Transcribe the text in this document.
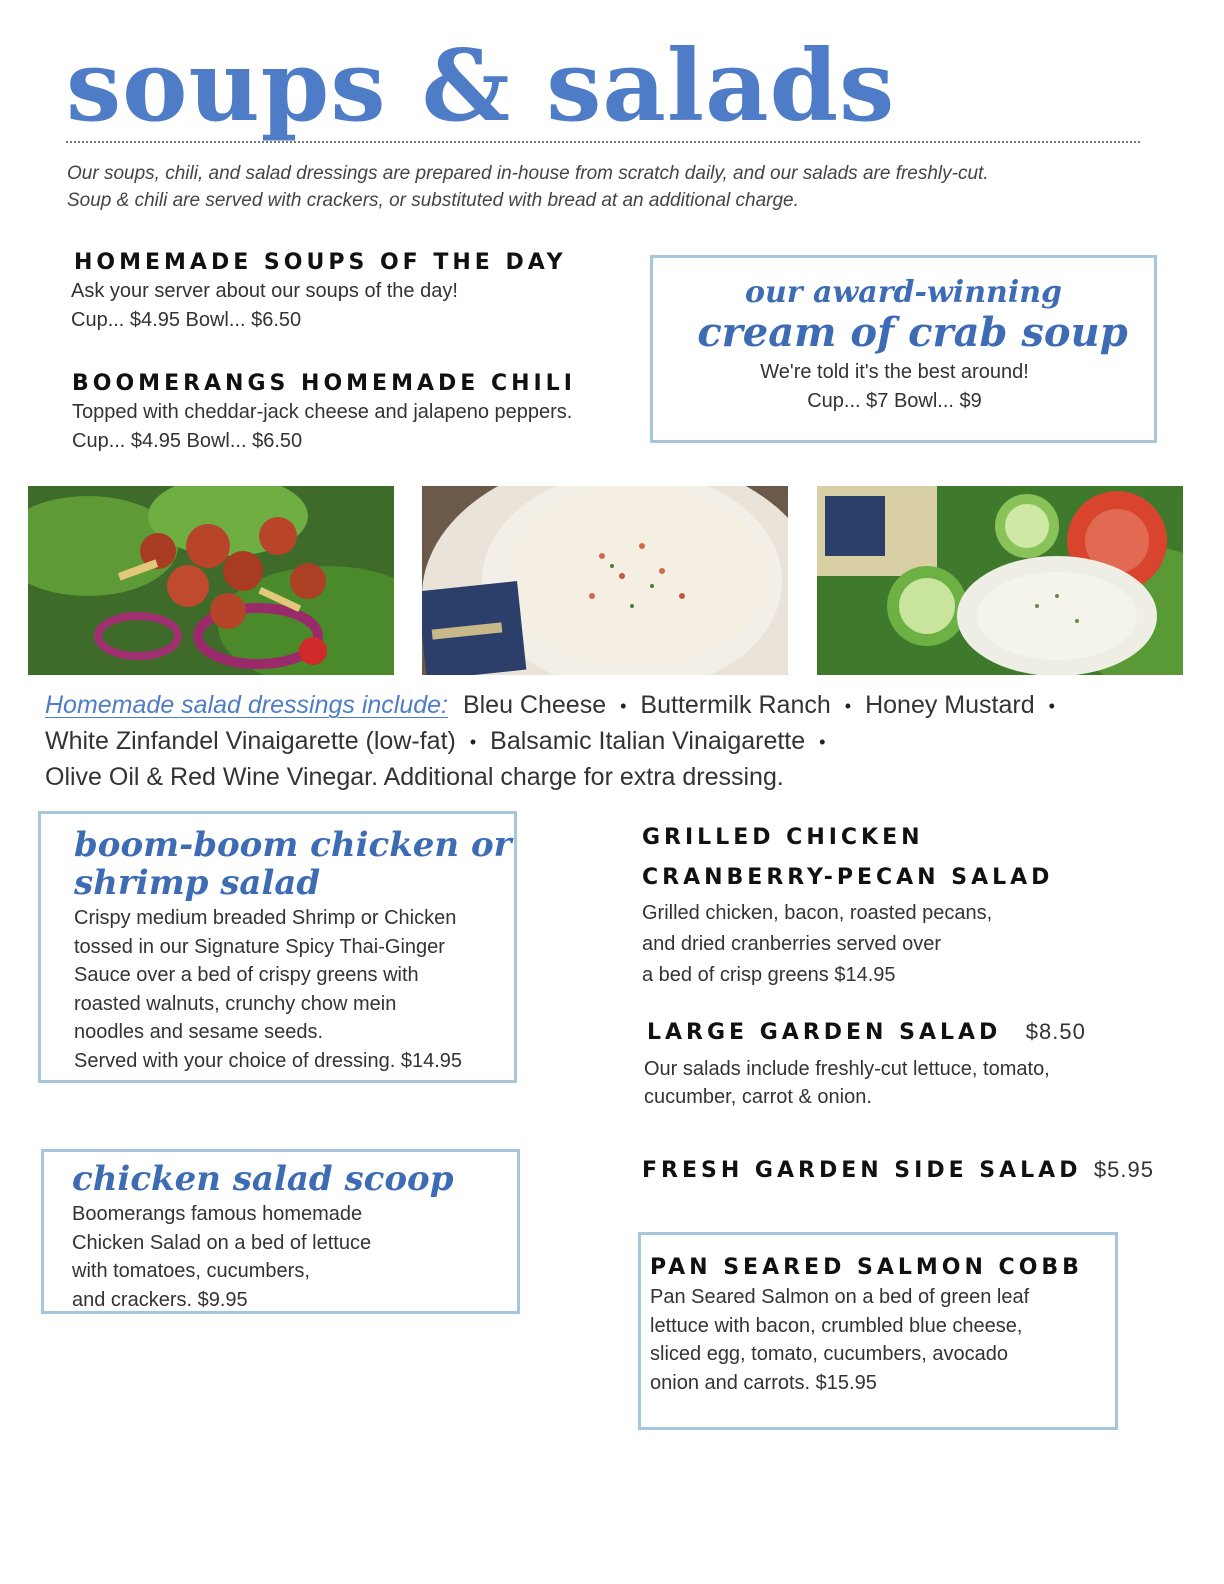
soups & salads
Our soups, chili, and salad dressings are prepared in-house from scratch daily, and our salads are freshly-cut.
Soup & chili are served with crackers, or substituted with bread at an additional charge.
HOMEMADE SOUPS OF THE DAY
Ask your server about our soups of the day!
Cup... $4.95 Bowl... $6.50
BOOMERANGS HOMEMADE CHILI
Topped with cheddar-jack cheese and jalapeno peppers.
Cup... $4.95 Bowl... $6.50
our award-winning
cream of crab soup
We're told it's the best around!
Cup... $7 Bowl... $9
Homemade salad dressings include: Bleu Cheese • Buttermilk Ranch • Honey Mustard •
White Zinfandel Vinaigarette (low-fat) • Balsamic Italian Vinaigarette •
Olive Oil & Red Wine Vinegar. Additional charge for extra dressing.
boom-boom chicken or
shrimp salad
Crispy medium breaded Shrimp or Chicken
tossed in our Signature Spicy Thai-Ginger
Sauce over a bed of crispy greens with
roasted walnuts, crunchy chow mein
noodles and sesame seeds.
Served with your choice of dressing. $14.95
chicken salad scoop
Boomerangs famous homemade
Chicken Salad on a bed of lettuce
with tomatoes, cucumbers,
and crackers. $9.95
GRILLED CHICKEN
CRANBERRY-PECAN SALAD
Grilled chicken, bacon, roasted pecans,
and dried cranberries served over
a bed of crisp greens $14.95
LARGE GARDEN SALAD $8.50
Our salads include freshly-cut lettuce, tomato,
cucumber, carrot & onion.
FRESH GARDEN SIDE SALAD $5.95
PAN SEARED SALMON COBB
Pan Seared Salmon on a bed of green leaf
lettuce with bacon, crumbled blue cheese,
sliced egg, tomato, cucumbers, avocado
onion and carrots. $15.95
